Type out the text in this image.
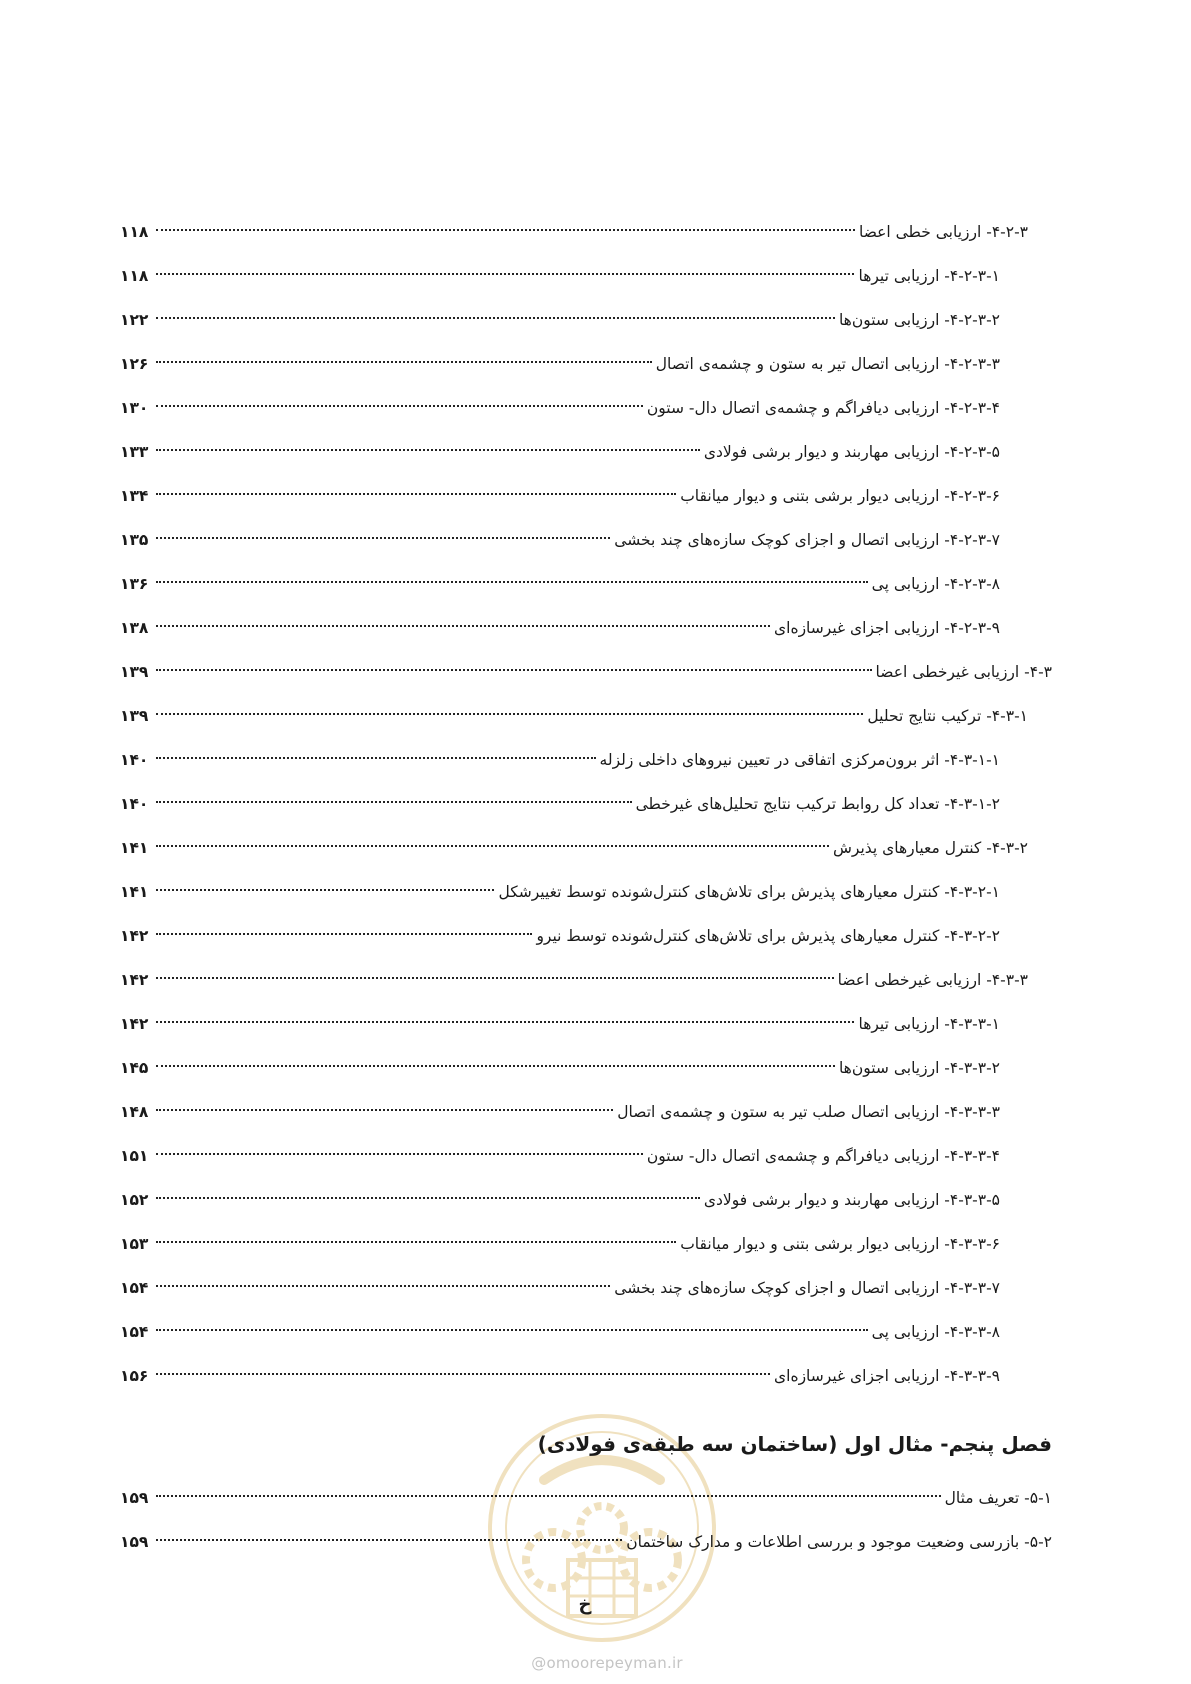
@omoorepeyman.ir
۴-۲-۳- ارزیابی خطی اعضا
۱۱۸
۴-۲-۳-۱- ارزیابی تیرها
۱۱۸
۴-۲-۳-۲- ارزیابی ستون‌ها
۱۲۲
۴-۲-۳-۳- ارزیابی اتصال تیر به ستون و چشمه‌ی اتصال
۱۲۶
۴-۲-۳-۴- ارزیابی دیافراگم و چشمه‌ی اتصال دال- ستون
۱۳۰
۴-۲-۳-۵- ارزیابی مهاربند و دیوار برشی فولادی
۱۳۳
۴-۲-۳-۶- ارزیابی دیوار برشی بتنی و دیوار میانقاب
۱۳۴
۴-۲-۳-۷- ارزیابی اتصال و اجزای کوچک سازه‌های چند بخشی
۱۳۵
۴-۲-۳-۸- ارزیابی پی
۱۳۶
۴-۲-۳-۹- ارزیابی اجزای غیرسازه‌ای
۱۳۸
۴-۳- ارزیابی غیرخطی اعضا
۱۳۹
۴-۳-۱- ترکیب نتایج تحلیل
۱۳۹
۴-۳-۱-۱- اثر برون‌مرکزی اتفاقی در تعیین نیروهای داخلی زلزله
۱۴۰
۴-۳-۱-۲- تعداد کل روابط ترکیب نتایج تحلیل‌های غیرخطی
۱۴۰
۴-۳-۲- کنترل معیارهای پذیرش
۱۴۱
۴-۳-۲-۱- کنترل معیارهای پذیرش برای تلاش‌های کنترل‌شونده توسط تغییرشکل
۱۴۱
۴-۳-۲-۲- کنترل معیارهای پذیرش برای تلاش‌های کنترل‌شونده توسط نیرو
۱۴۲
۴-۳-۳- ارزیابی غیرخطی اعضا
۱۴۲
۴-۳-۳-۱- ارزیابی تیرها
۱۴۲
۴-۳-۳-۲- ارزیابی ستون‌ها
۱۴۵
۴-۳-۳-۳- ارزیابی اتصال صلب تیر به ستون و چشمه‌ی اتصال
۱۴۸
۴-۳-۳-۴- ارزیابی دیافراگم و چشمه‌ی اتصال دال- ستون
۱۵۱
۴-۳-۳-۵- ارزیابی مهاربند و دیوار برشی فولادی
۱۵۲
۴-۳-۳-۶- ارزیابی دیوار برشی بتنی و دیوار میانقاب
۱۵۳
۴-۳-۳-۷- ارزیابی اتصال و اجزای کوچک سازه‌های چند بخشی
۱۵۴
۴-۳-۳-۸- ارزیابی پی
۱۵۴
۴-۳-۳-۹- ارزیابی اجزای غیرسازه‌ای
۱۵۶
فصل پنجم- مثال اول (ساختمان سه طبقه‌ی فولادی)
۵-۱- تعریف مثال
۱۵۹
۵-۲- بازرسی وضعیت موجود و بررسی اطلاعات و مدارک ساختمان
۱۵۹
خ
